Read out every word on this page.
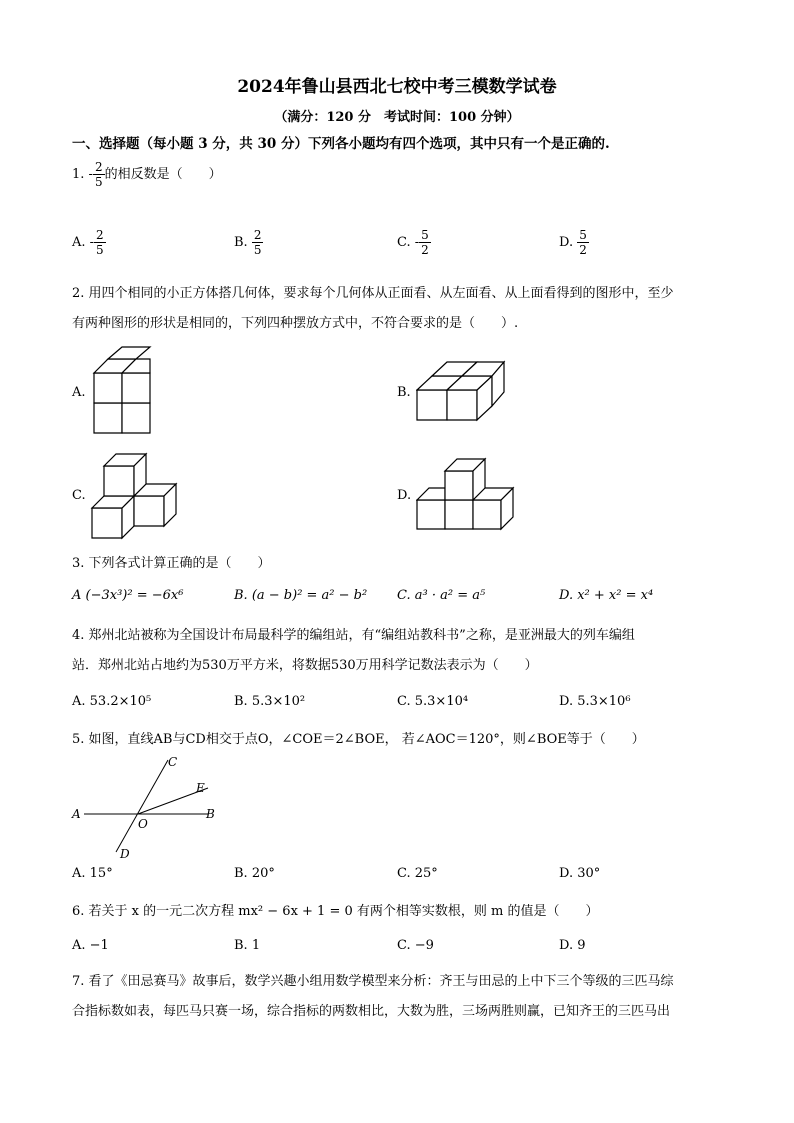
2024年鲁山县西北七校中考三模数学试卷
（满分：120 分　考试时间：100 分钟）
一、选择题（每小题 3 分，共 30 分）下列各小题均有四个选项，其中只有一个是正确的.
1. - $\frac{2}{5}$ 的相反数是（　　）
A. - $\frac{2}{5}$	B. $\frac{2}{5}$	C. - $\frac{5}{2}$	D. $\frac{5}{2}$
2. 用四个相同的小正方体搭几何体，要求每个几何体从正面看、从左面看、从上面看得到的图形中，至少
有两种图形的形状是相同的，下列四种摆放方式中，不符合要求的是（　　）.
A.	B.
C.	D.
3. 下列各式计算正确的是（　　）
A (−3x³)² = −6x⁶	B. (a − b)² = a² − b² C. a³ · a² = a⁵	D. x² + x² = x⁴
4. 郑州北站被称为全国设计布局最科学的编组站，有“编组站教科书”之称，是亚洲最大的列车编组
站．郑州北站占地约为530万平方米，将数据530万用科学记数法表示为（　　）
A. 53.2×10⁵	B. 5.3×10²	C. 5.3×10⁴	D. 5.3×10⁶
5. 如图，直线AB与CD相交于点O，∠COE＝2∠BOE， 若∠AOC＝120°，则∠BOE等于（　　）
A	B
C
D
E
O
A. 15°	B. 20°	C. 25°	D. 30°
6. 若关于 x 的一元二次方程 mx² − 6x + 1 = 0 有两个相等实数根，则 m 的值是（　　）
A. −1	B. 1	C. −9	D. 9
7. 看了《田忌赛马》故事后，数学兴趣小组用数学模型来分析：齐王与田忌的上中下三个等级的三匹马综
合指标数如表，每匹马只赛一场，综合指标的两数相比，大数为胜，三场两胜则赢，已知齐王的三匹马出
